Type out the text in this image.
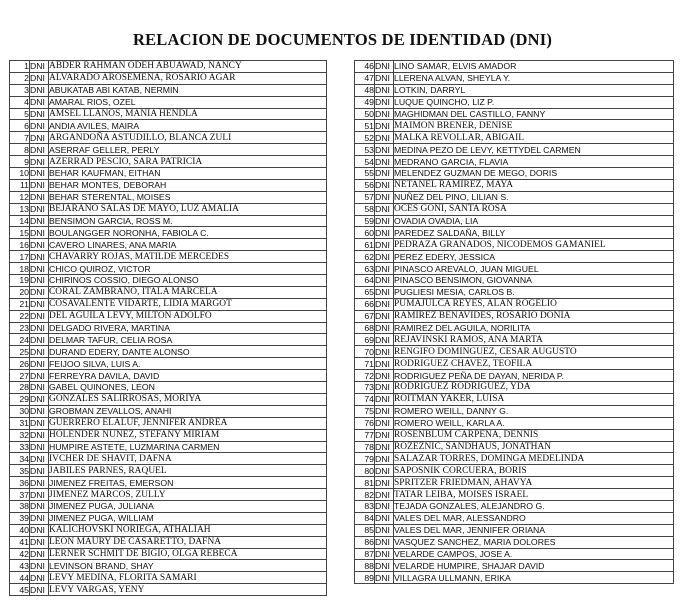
RELACION DE DOCUMENTOS DE IDENTIDAD (DNI)
1	DNI	ABDER RAHMAN ODEH ABUAWAD, NANCY
2	DNI	ALVARADO AROSEMENA, ROSARIO AGAR
3	DNI	ABUKATAB ABI KATAB, NERMIN
4	DNI	AMARAL RIOS, OZEL
5	DNI	AMSEL LLANOS, MANIA HENDLA
6	DNI	ANDIA AVILES, MAIRA
7	DNI	ARGANDOÑA ASTUDILLO, BLANCA ZULI
8	DNI	ASERRAF GELLER, PERLY
9	DNI	AZERRAD PESCIO, SARA PATRICIA
10	DNI	BEHAR KAUFMAN, EITHAN
11	DNI	BEHAR MONTES, DEBORAH
12	DNI	BEHAR STERENTAL, MOISES
13	DNI	BEJARANO SALAS DE MAYO, LUZ AMALIA
14	DNI	BENSIMON GARCIA, ROSS M.
15	DNI	BOULANGGER NORONHA, FABIOLA C.
16	DNI	CAVERO LINARES, ANA MARIA
17	DNI	CHAVARRY ROJAS, MATILDE MERCEDES
18	DNI	CHICO QUIROZ, VICTOR
19	DNI	CHIRINOS COSSIO, DIEGO ALONSO
20	DNI	CORAL ZAMBRANO, ITALA MARCELA
21	DNI	COSAVALENTE VIDARTE, LIDIA MARGOT
22	DNI	DEL AGUILA LEVY, MILTON ADOLFO
23	DNI	DELGADO RIVERA, MARTINA
24	DNI	DELMAR TAFUR, CELIA ROSA
25	DNI	DURAND EDERY, DANTE ALONSO
26	DNI	FEIJOO SILVA, LUIS A.
27	DNI	FERREYRA DAVILA, DAVID
28	DNI	GABEL QUINONES, LEON
29	DNI	GONZALES SALIRROSAS, MORIYA
30	DNI	GROBMAN ZEVALLOS, ANAHI
31	DNI	GUERRERO ELALUF, JENNIFER ANDREA
32	DNI	HOLENDER NUÑEZ, STEFANY MIRIAM
33	DNI	HUMPIRE ASTETE, LUZMARINA CARMEN
34	DNI	IVCHER DE SHAVIT, DAFNA
35	DNI	JABILES PARNES, RAQUEL
36	DNI	JIMENEZ FREITAS, EMERSON
37	DNI	JIMENEZ MARCOS, ZULLY
38	DNI	JIMENEZ PUGA, JULIANA
39	DNI	JIMENEZ PUGA, WILLIAM
40	DNI	KALICHOVSKI NORIEGA, ATHALIAH
41	DNI	LEON MAURY DE CASARETTO, DAFNA
42	DNI	LERNER SCHMIT DE BIGIO, OLGA REBECA
43	DNI	LEVINSON BRAND, SHAY
44	DNI	LEVY MEDINA, FLORITA SAMARI
45	DNI	LEVY VARGAS, YENY
46	DNI	LINO SAMAR, ELVIS AMADOR
47	DNI	LLERENA ALVAN, SHEYLA Y.
48	DNI	LOTKIN, DARRYL
49	DNI	LUQUE QUINCHO, LIZ P.
50	DNI	MAGHIDMAN DEL CASTILLO, FANNY
51	DNI	MAIMON BRENER, DENISE
52	DNI	MALKA REVOLLAR, ABIGAIL
53	DNI	MEDINA PEZO DE LEVY, KETTYDEL CARMEN
54	DNI	MEDRANO GARCIA, FLAVIA
55	DNI	MELENDEZ GUZMAN DE MEGO, DORIS
56	DNI	NETANEL RAMIREZ, MAYA
57	DNI	NUÑEZ DEL PINO, LILIAN S.
58	DNI	OCES GOÑI, SANTA ROSA
59	DNI	OVADIA OVADIA, LIA
60	DNI	PAREDEZ SALDAÑA, BILLY
61	DNI	PEDRAZA GRANADOS, NICODEMOS GAMANIEL
62	DNI	PEREZ EDERY, JESSICA
63	DNI	PINASCO AREVALO, JUAN MIGUEL
64	DNI	PINASCO BENSIMON, GIOVANNA
65	DNI	PUGLIESI MESIA, CARLOS B.
66	DNI	PUMAJULCA REYES, ALAN ROGELIO
67	DNI	RAMIREZ BENAVIDES, ROSARIO DONIA
68	DNI	RAMIREZ DEL AGUILA, NORILITA
69	DNI	REJAVINSKI RAMOS, ANA MARTA
70	DNI	RENGIFO DOMINGUEZ, CESAR AUGUSTO
71	DNI	RODRIGUEZ CHAVEZ, TEOFILA
72	DNI	RODRIGUEZ PEÑA DE DAYAN, NERIDA P.
73	DNI	RODRIGUEZ RODRIGUEZ, YDA
74	DNI	ROITMAN YAKER, LUISA
75	DNI	ROMERO WEILL, DANNY G.
76	DNI	ROMERO WEILL, KARLA A.
77	DNI	ROSENBLUM CARPENA, DENNIS
78	DNI	ROZEZNIC, SANDHAUS, JONATHAN
79	DNI	SALAZAR TORRES, DOMINGA MEDELINDA
80	DNI	SAPOSNIK CORCUERA, BORIS
81	DNI	SPRITZER FRIEDMAN, AHAVYA
82	DNI	TATAR LEIBA, MOISES ISRAEL
83	DNI	TEJADA GONZALES, ALEJANDRO G.
84	DNI	VALES DEL MAR, ALESSANDRO
85	DNI	VALES DEL MAR, JENNIFER ORIANA
86	DNI	VASQUEZ SANCHEZ, MARIA DOLORES
87	DNI	VELARDE CAMPOS, JOSE A.
88	DNI	VELARDE HUMPIRE, SHAJAR DAVID
89	DNI	VILLAGRA ULLMANN, ERIKA
